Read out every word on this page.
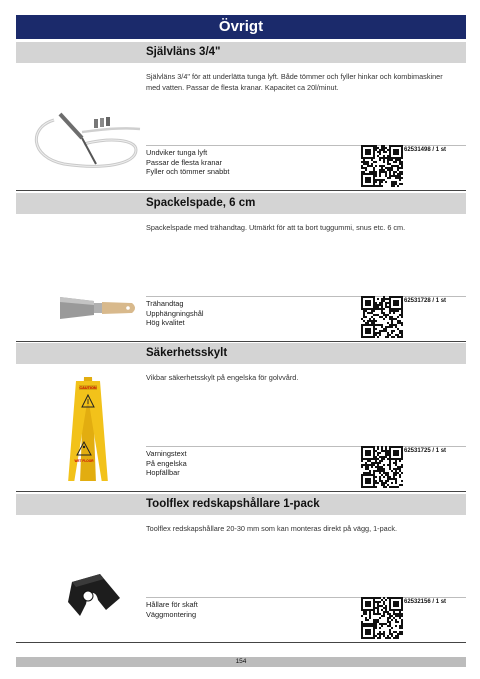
Övrigt
Självläns 3/4"
Självläns 3/4" för att underlätta tunga lyft. Både tömmer och fyller hinkar och kombimaskiner med vatten. Passar de flesta kranar. Kapacitet ca 20l/minut.
Undviker tunga lyft
Passar de flesta kranar
Fyller och tömmer snabbt
62531498 / 1 st
Spackelspade, 6 cm
Spackelspade med trähandtag. Utmärkt för att ta bort tuggummi, snus etc. 6 cm.
Trähandtag
Upphängningshål
Hög kvalitet
62531728 / 1 st
Säkerhetsskylt
Vikbar säkerhetsskylt på engelska för golvvård.
CAUTION
WET FLOOR
Varningstext
På engelska
Hopfällbar
62531725 / 1 st
Toolflex redskapshållare 1-pack
Toolflex redskapshållare 20-30 mm som kan monteras direkt på vägg, 1-pack.
Hållare för skaft
Väggmontering
62532156 / 1 st
154
